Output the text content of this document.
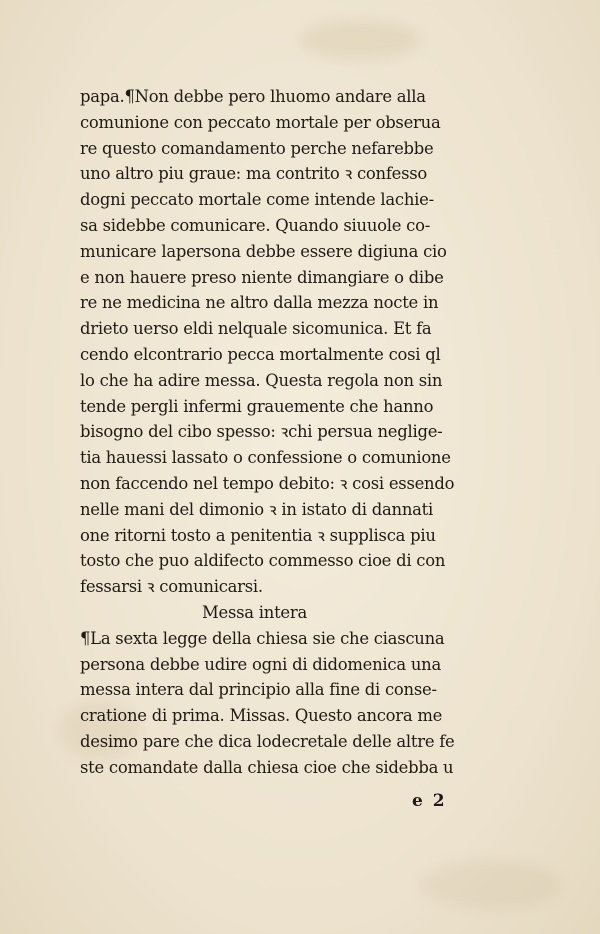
papa.¶Non debbe pero lhuomo andare alla
comunione con peccato mortale per obserua
re questo comandamento perche nefarebbe
uno altro piu graue: ma contrito ꝛ confesso
dogni peccato mortale come intende lachie-
sa sidebbe comunicare. Quando siuuole co-
municare lapersona debbe essere digiuna cio
e non hauere preso niente dimangiare o dibe
re ne medicina ne altro dalla mezza nocte in
drieto uerso eldi nelquale sicomunica. Et fa
cendo elcontrario pecca mortalmente cosi ql
lo che ha adire messa. Questa regola non sin
tende pergli infermi grauemente che hanno
bisogno del cibo spesso: ꝛchi persua neglige-
tia hauessi lassato o confessione o comunione
non faccendo nel tempo debito: ꝛ cosi essendo
nelle mani del dimonio ꝛ in istato di dannati
one ritorni tosto a penitentia ꝛ supplisca piu
tosto che puo aldifecto commesso cioe di con
fessarsi ꝛ comunicarsi.
Messa intera
¶La sexta legge della chiesa sie che ciascuna
persona debbe udire ogni di didomenica una
messa intera dal principio alla fine di conse-
cratione di prima. Missas. Questo ancora me
desimo pare che dica lodecretale delle altre fe
ste comandate dalla chiesa cioe che sidebba u
e 2
